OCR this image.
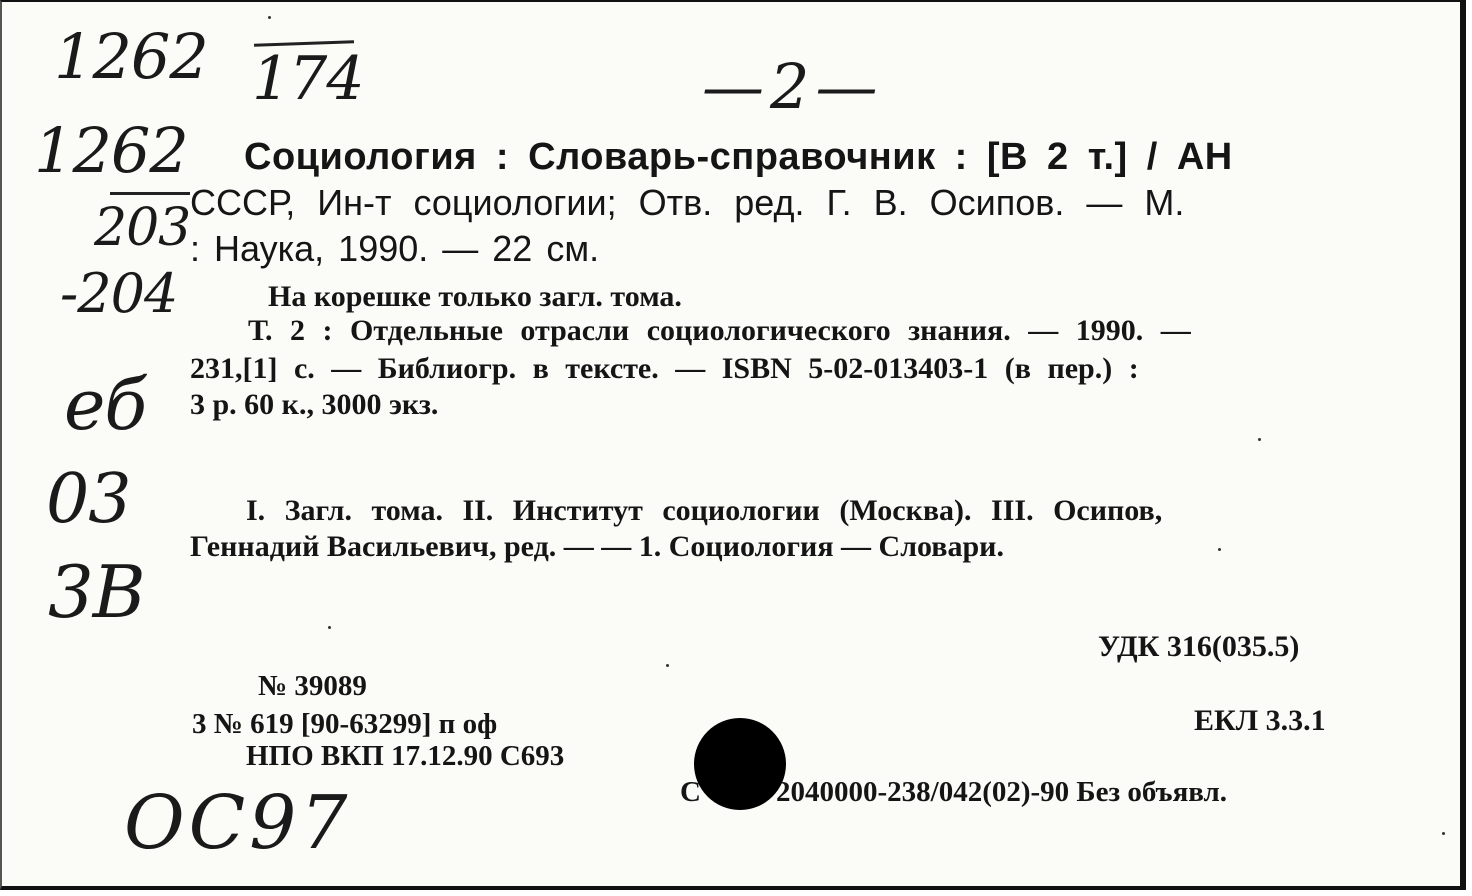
1262 174	—2—
1262
203
-204
еб
03
3В
ОС97
Социология : Словарь-справочник : [В 2 т.] / АН
СССР, Ин-т социологии; Отв. ред. Г. В. Осипов. — М.
: Наука, 1990. — 22 см.
На корешке только загл. тома.
Т. 2 : Отдельные отрасли социологического знания. — 1990. —
231,[1] с. — Библиогр. в тексте. — ISBN 5-02-013403-1 (в пер.) :
3 р. 60 к., 3000 экз.
I. Загл. тома. II. Институт социологии (Москва). III. Осипов,
Геннадий Васильевич, ред. — — 1. Социология — Словари.
УДК 316(035.5)
№ 39089
3 № 619 [90-63299] п оф	ЕКЛ 3.3.1
НПО ВКП 17.12.90 С693
С	2040000-238/042(02)-90 Без объявл.
